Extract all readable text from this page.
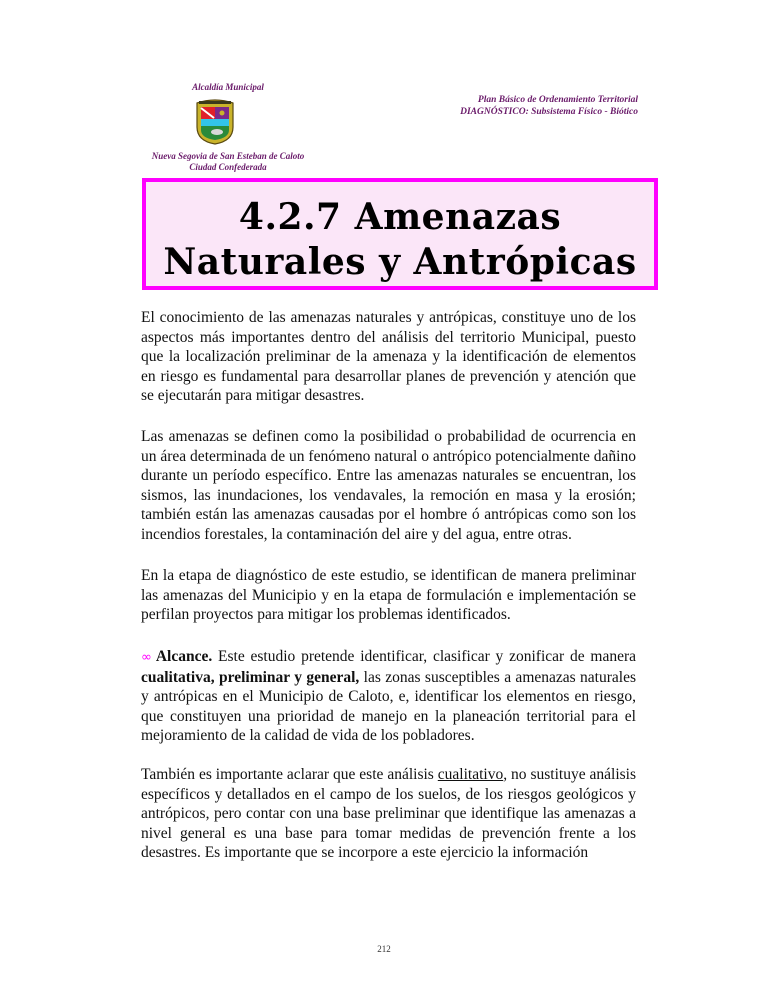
Alcaldía Municipal
Nueva Segovia de San Esteban de Caloto
Ciudad Confederada
Plan Básico de Ordenamiento Territorial
DIAGNÓSTICO: Subsistema Físico - Biótico
4.2.7 Amenazas
Naturales y Antrópicas

El conocimiento de las amenazas naturales y antrópicas, constituye uno de los aspectos más importantes dentro del análisis del territorio Municipal, puesto que la localización preliminar de la amenaza y la identificación de elementos en riesgo es fundamental para desarrollar planes de prevención y atención que se ejecutarán para mitigar desastres.

Las amenazas se definen como la posibilidad o probabilidad de ocurrencia en un área determinada de un fenómeno natural o antrópico potencialmente dañino durante un período específico. Entre las amenazas naturales se encuentran, los sismos, las inundaciones, los vendavales, la remoción en masa y la erosión; también están las amenazas causadas por el hombre ó antrópicas como son los incendios forestales, la contaminación del aire y del agua, entre otras.

En la etapa de diagnóstico de este estudio, se identifican de manera preliminar las amenazas del Municipio y en la etapa de formulación e implementación se perfilan proyectos para mitigar los problemas identificados.

∞ Alcance. Este estudio pretende identificar, clasificar y zonificar de manera cualitativa, preliminar y general, las zonas susceptibles a amenazas naturales y antrópicas en el Municipio de Caloto, e, identificar los elementos en riesgo, que constituyen una prioridad de manejo en la planeación territorial para el mejoramiento de la calidad de vida de los pobladores.

También es importante aclarar que este análisis cualitativo, no sustituye análisis específicos y detallados en el campo de los suelos, de los riesgos geológicos y antrópicos, pero contar con una base preliminar que identifique las amenazas a nivel general es una base para tomar medidas de prevención frente a los desastres. Es importante que se incorpore a este ejercicio la información

212
